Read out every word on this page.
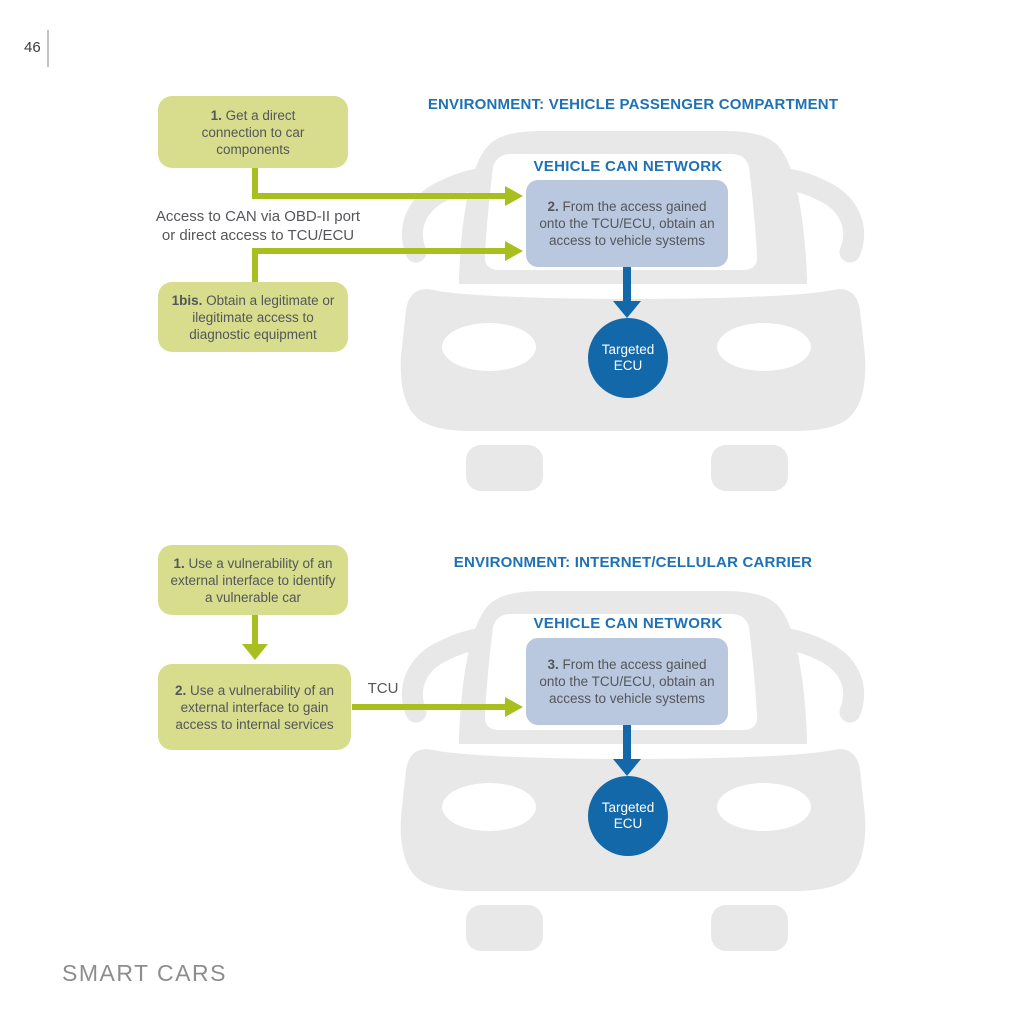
46
ENVIRONMENT: VEHICLE PASSENGER COMPARTMENT
VEHICLE CAN NETWORK
1. Get a direct connection to car components
Access to CAN via OBD-II port or direct access to TCU/ECU
1bis. Obtain a legitimate or ilegitimate access to diagnostic equipment
2. From the access gained onto the TCU/ECU, obtain an access to vehicle systems
Targeted ECU
ENVIRONMENT: INTERNET/CELLULAR CARRIER
VEHICLE CAN NETWORK
1. Use a vulnerability of an external interface to identify a vulnerable car
2. Use a vulnerability of an external interface to gain access to internal services
TCU
3. From the access gained onto the TCU/ECU, obtain an access to vehicle systems
Targeted ECU
SMART CARS
